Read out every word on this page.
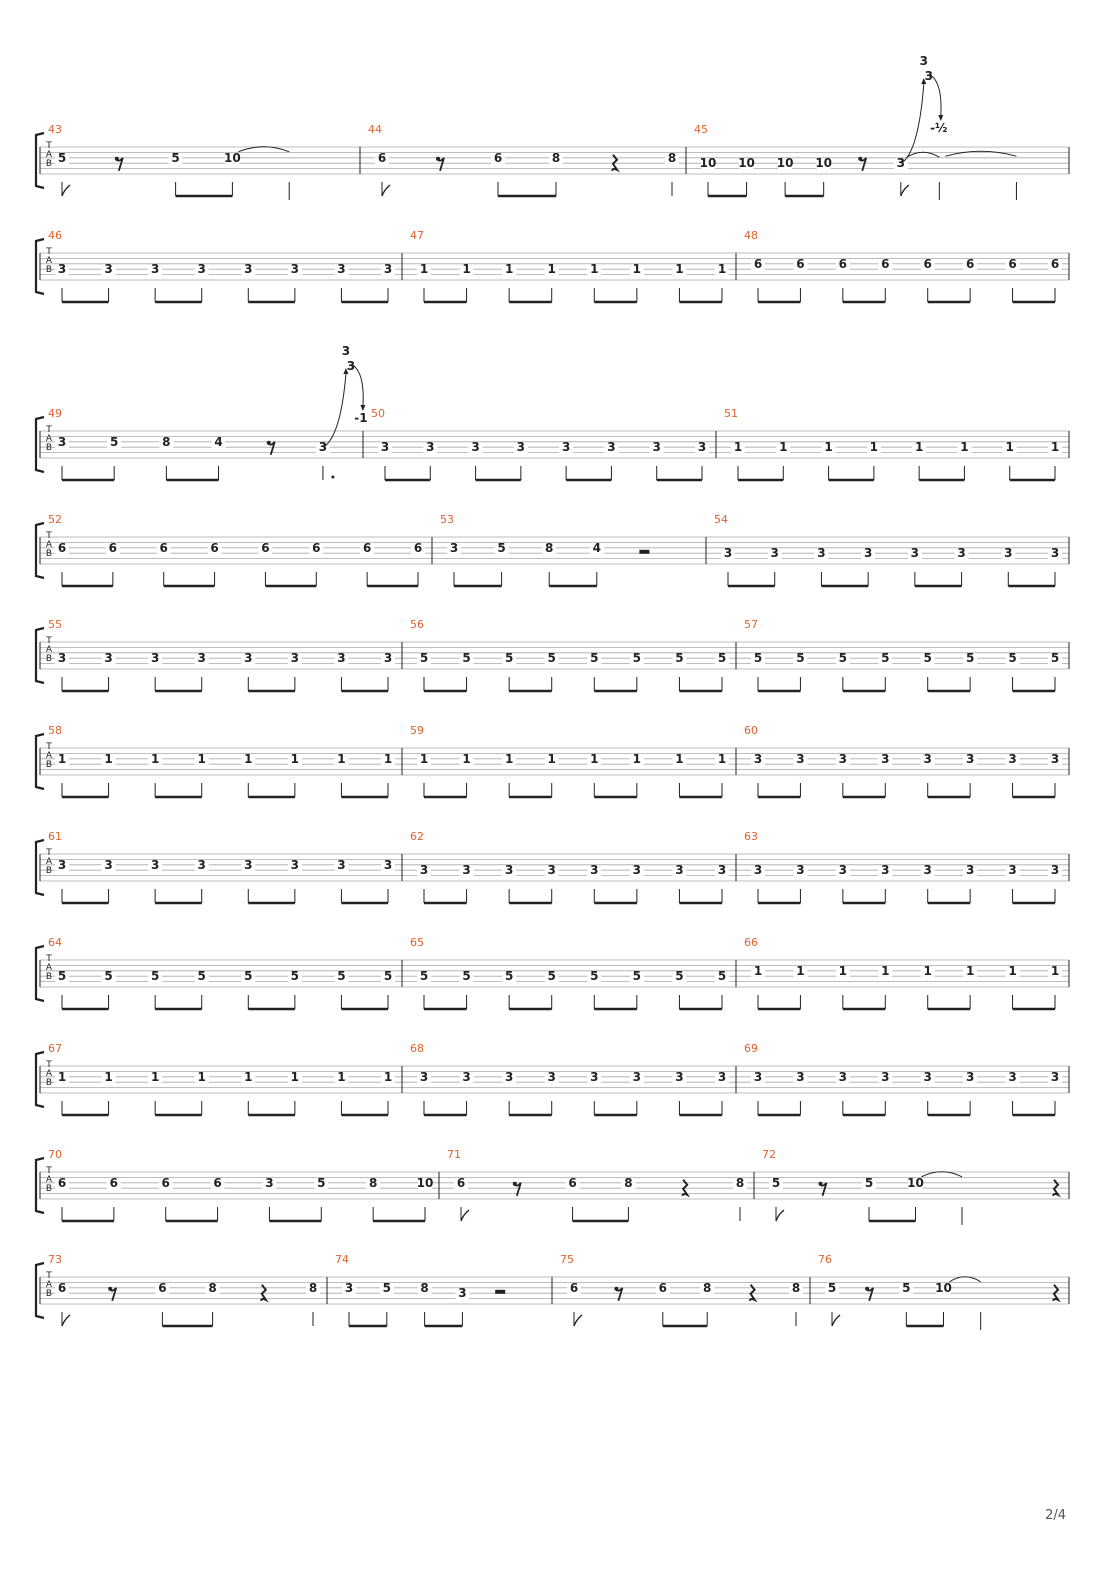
T
A
B
43
5	5	10
44
6	6	8	8
45
10 10 10 10	3
3
3
-½
T
A
B
46
3	3	3	3	3	3	3	3
47
1	1	1	1	1	1	1	1
48
6	6	6	6	6	6	6	6
T
A
B
49
3	5	8	4	3
3
3
-1 50
3	3	3	3	3	3	3	3
51
1	1	1	1	1	1	1	1
T
A
B
52
6	6	6	6	6	6	6	6
53
3	5	8	4
54
3	3	3	3	3	3	3	3
T
A
B
55
3	3	3	3	3	3	3	3
56
5	5	5	5	5	5	5	5
57
5	5	5	5	5	5	5	5
T
A
B
58
1	1	1	1	1	1	1	1
59
1	1	1	1	1	1	1	1
60
3	3	3	3	3	3	3	3
T
A
B
61
3	3	3	3	3	3	3	3
62
3	3	3	3	3	3	3	3
63
3	3	3	3	3	3	3	3
T
A
B
64
5	5	5	5	5	5	5	5
65
5	5	5	5	5	5	5	5
66
1	1	1	1	1	1	1	1
T
A
B
67
1	1	1	1	1	1	1	1
68
3	3	3	3	3	3	3	3
69
3	3	3	3	3	3	3	3
T
A
B
70
6	6	6	6	3	5	8	10
71
6	6	8	8
72
5	5	10
T
A
B
73
6	6	8	8
74
3 5 8 3
75
6	6	8	8
76
5	5 10
2/4
